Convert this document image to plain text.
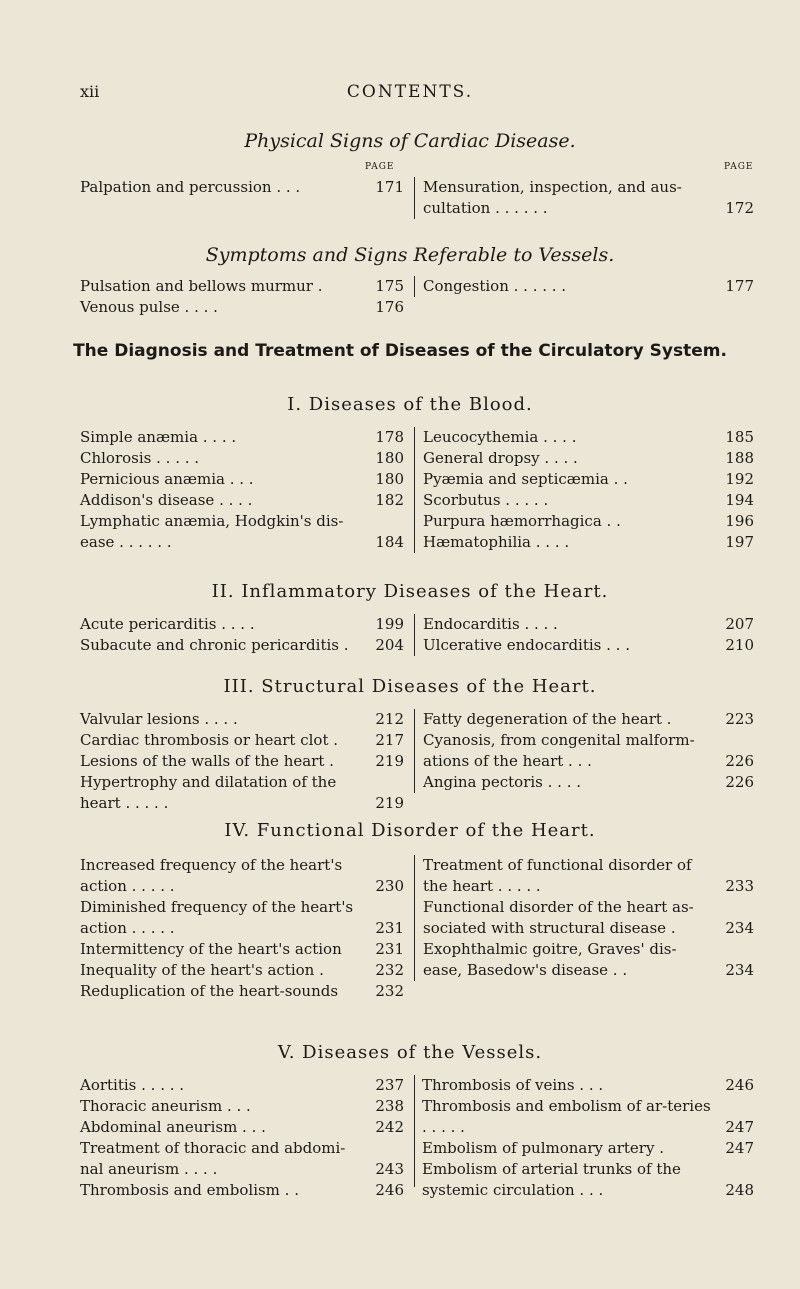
xii	CONTENTS.
Physical Signs of Cardiac Disease.
PAGE	PAGE
Palpation and percussion . . .	171 Mensuration, inspection, and aus-cultation . . . . . .	172
Symptoms and Signs Referable to Vessels.
Pulsation and bellows murmur .	175
Venous pulse . . . .	176
Congestion . . . . . .	177
The Diagnosis and Treatment of Diseases of the Circulatory System.
I. Diseases of the Blood.
Simple anæmia . . . .	178
Chlorosis . . . . .	180
Pernicious anæmia . . .	180
Addison's disease . . . .	182
Lymphatic anæmia, Hodgkin's dis-ease . . . . . .	184
Leucocythemia . . . .	185
General dropsy . . . .	188
Pyæmia and septicæmia . .	192
Scorbutus . . . . .	194
Purpura hæmorrhagica . .	196
Hæmatophilia . . . .	197
II. Inflammatory Diseases of the Heart.
Acute pericarditis . . . .	199
Subacute and chronic pericarditis .	204
Endocarditis . . . .	207
Ulcerative endocarditis . . .	210
III. Structural Diseases of the Heart.
Valvular lesions . . . .	212
Cardiac thrombosis or heart clot .	217
Lesions of the walls of the heart .	219
Hypertrophy and dilatation of the heart . . . . .	219
Fatty degeneration of the heart .	223
Cyanosis, from congenital malform-ations of the heart . . .	226
Angina pectoris . . . .	226
IV. Functional Disorder of the Heart.
Increased frequency of the heart's action . . . . .	230
Diminished frequency of the heart's action . . . . .	231
Intermittency of the heart's action	231
Inequality of the heart's action .	232
Reduplication of the heart-sounds	232
Treatment of functional disorder of the heart . . . . .	233
Functional disorder of the heart as-sociated with structural disease .	234
Exophthalmic goitre, Graves' dis-ease, Basedow's disease . .	234
V. Diseases of the Vessels.
Aortitis . . . . .	237
Thoracic aneurism . . .	238
Abdominal aneurism . . .	242
Treatment of thoracic and abdomi-nal aneurism . . . .	243
Thrombosis and embolism . .	246
Thrombosis of veins . . .	246
Thrombosis and embolism of ar-teries . . . . .	247
Embolism of pulmonary artery .	247
Embolism of arterial trunks of the systemic circulation . . .	248
